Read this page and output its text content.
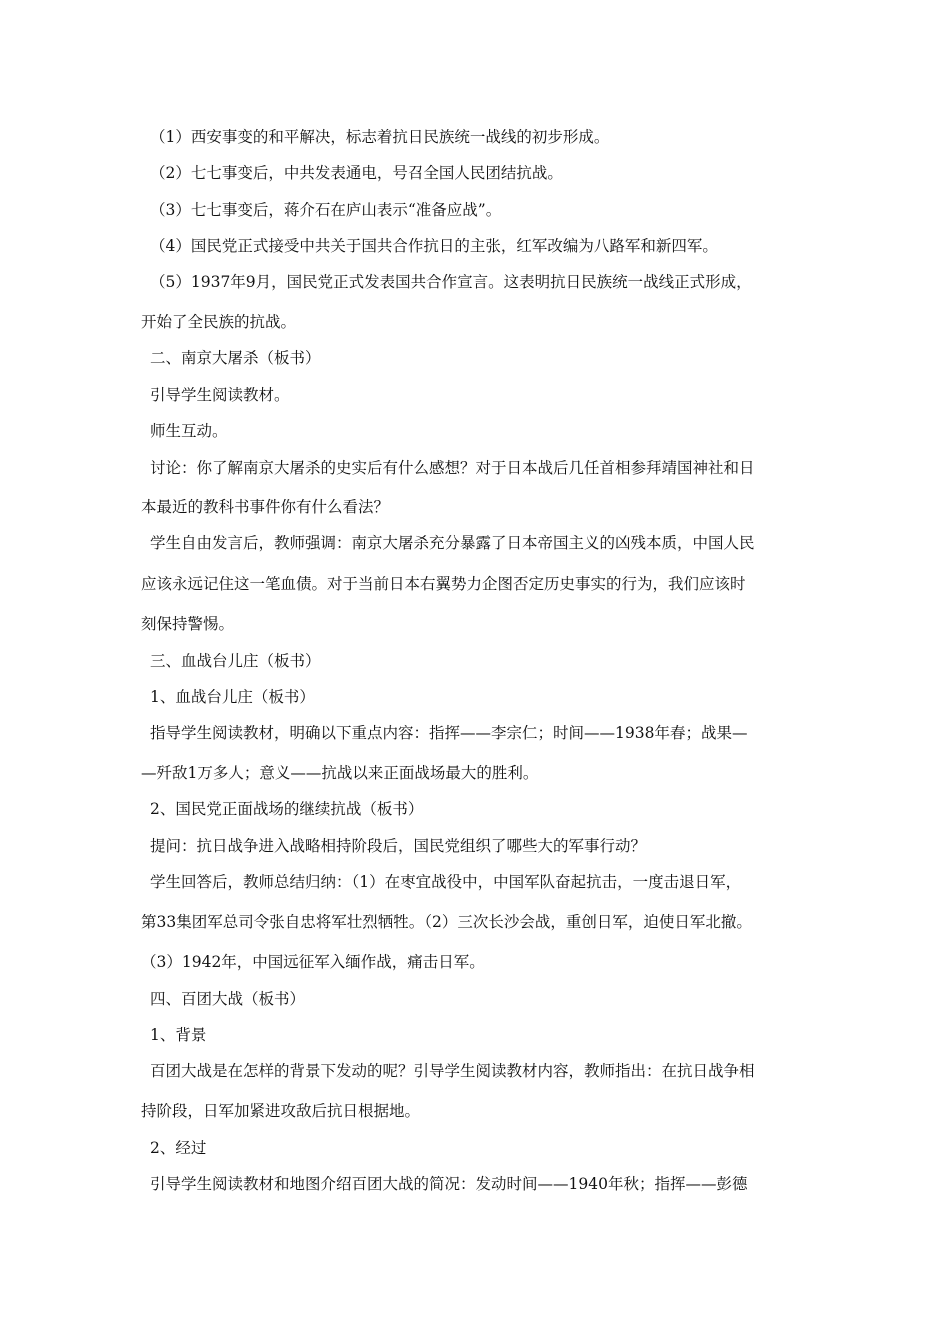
（1）西安事变的和平解决，标志着抗日民族统一战线的初步形成。
（2）七七事变后，中共发表通电，号召全国人民团结抗战。
（3）七七事变后，蒋介石在庐山表示“准备应战”。
（4）国民党正式接受中共关于国共合作抗日的主张，红军改编为八路军和新四军。
（5）1937年9月，国民党正式发表国共合作宣言。这表明抗日民族统一战线正式形成，
开始了全民族的抗战。
二、南京大屠杀（板书）
引导学生阅读教材。
师生互动。
讨论：你了解南京大屠杀的史实后有什么感想？对于日本战后几任首相参拜靖国神社和日
本最近的教科书事件你有什么看法？
学生自由发言后，教师强调：南京大屠杀充分暴露了日本帝国主义的凶残本质，中国人民
应该永远记住这一笔血债。对于当前日本右翼势力企图否定历史事实的行为，我们应该时
刻保持警惕。
三、血战台儿庄（板书）
1、血战台儿庄（板书）
指导学生阅读教材，明确以下重点内容：指挥——李宗仁；时间——1938年春；战果—
—歼敌1万多人；意义——抗战以来正面战场最大的胜利。
2、国民党正面战场的继续抗战（板书）
提问：抗日战争进入战略相持阶段后，国民党组织了哪些大的军事行动？
学生回答后，教师总结归纳：（1）在枣宜战役中，中国军队奋起抗击，一度击退日军，
第33集团军总司令张自忠将军壮烈牺牲。（2）三次长沙会战，重创日军，迫使日军北撤。
（3）1942年，中国远征军入缅作战，痛击日军。
四、百团大战（板书）
1、背景
百团大战是在怎样的背景下发动的呢？引导学生阅读教材内容，教师指出：在抗日战争相
持阶段，日军加紧进攻敌后抗日根据地。
2、经过
引导学生阅读教材和地图介绍百团大战的简况：发动时间——1940年秋；指挥——彭德
